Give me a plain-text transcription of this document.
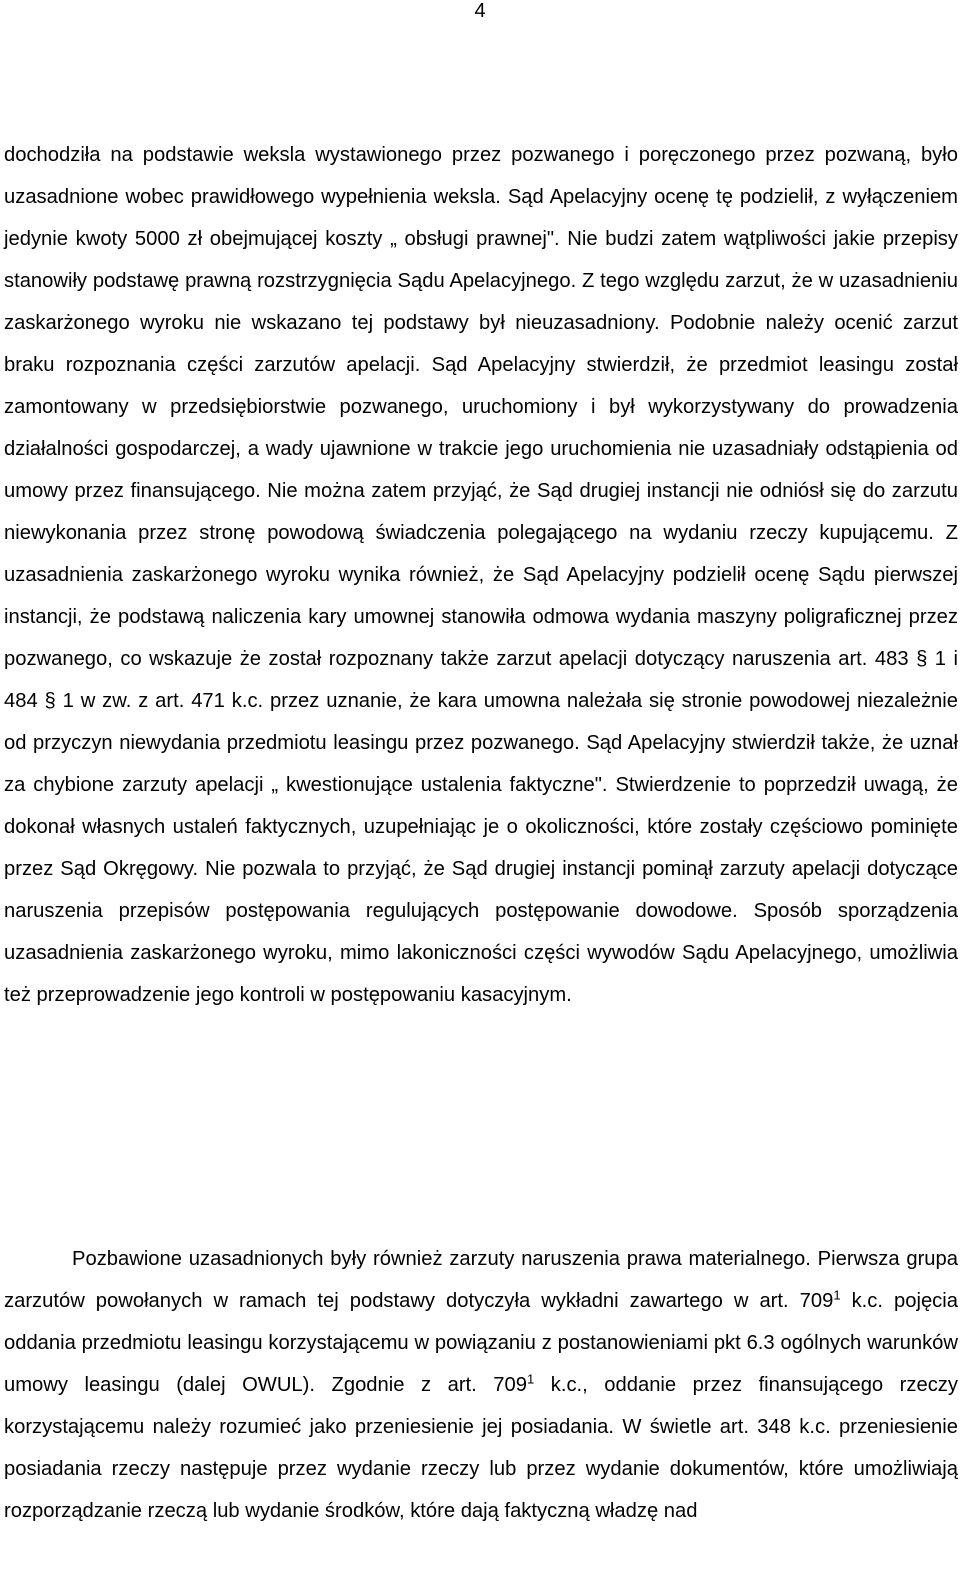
4

dochodziła na podstawie weksla wystawionego przez pozwanego i poręczonego przez pozwaną, było uzasadnione wobec prawidłowego wypełnienia weksla. Sąd Apelacyjny ocenę tę podzielił, z wyłączeniem jedynie kwoty 5000 zł obejmującej koszty „ obsługi prawnej". Nie budzi zatem wątpliwości jakie przepisy stanowiły podstawę prawną rozstrzygnięcia Sądu Apelacyjnego. Z tego względu zarzut, że w uzasadnieniu zaskarżonego wyroku nie wskazano tej podstawy był nieuzasadniony. Podobnie należy ocenić zarzut braku rozpoznania części zarzutów apelacji. Sąd Apelacyjny stwierdził, że przedmiot leasingu został zamontowany w przedsiębiorstwie pozwanego, uruchomiony i był wykorzystywany do prowadzenia działalności gospodarczej, a wady ujawnione w trakcie jego uruchomienia nie uzasadniały odstąpienia od umowy przez finansującego. Nie można zatem przyjąć, że Sąd drugiej instancji nie odniósł się do zarzutu niewykonania przez stronę powodową świadczenia polegającego na wydaniu rzeczy kupującemu. Z uzasadnienia zaskarżonego wyroku wynika również, że Sąd Apelacyjny podzielił ocenę Sądu pierwszej instancji, że podstawą naliczenia kary umownej stanowiła odmowa wydania maszyny poligraficznej przez pozwanego, co wskazuje że został rozpoznany także zarzut apelacji dotyczący naruszenia art. 483 § 1 i 484 § 1 w zw. z art. 471 k.c. przez uznanie, że kara umowna należała się stronie powodowej niezależnie od przyczyn niewydania przedmiotu leasingu przez pozwanego. Sąd Apelacyjny stwierdził także, że uznał za chybione zarzuty apelacji „ kwestionujące ustalenia faktyczne". Stwierdzenie to poprzedził uwagą, że dokonał własnych ustaleń faktycznych, uzupełniając je o okoliczności, które zostały częściowo pominięte przez Sąd Okręgowy. Nie pozwala to przyjąć, że Sąd drugiej instancji pominął zarzuty apelacji dotyczące naruszenia przepisów postępowania regulujących postępowanie dowodowe. Sposób sporządzenia uzasadnienia zaskarżonego wyroku, mimo lakoniczności części wywodów Sądu Apelacyjnego, umożliwia też przeprowadzenie jego kontroli w postępowaniu kasacyjnym.

Pozbawione uzasadnionych były również zarzuty naruszenia prawa materialnego. Pierwsza grupa zarzutów powołanych w ramach tej podstawy dotyczyła wykładni zawartego w art. $709^1$ k.c. pojęcia oddania przedmiotu leasingu korzystającemu w powiązaniu z postanowieniami pkt 6.3 ogólnych warunków umowy leasingu (dalej OWUL). Zgodnie z art. $709^1$ k.c., oddanie przez finansującego rzeczy korzystającemu należy rozumieć jako przeniesienie jej posiadania. W świetle art. 348 k.c. przeniesienie posiadania rzeczy następuje przez wydanie rzeczy lub przez wydanie dokumentów, które umożliwiają rozporządzanie rzeczą lub wydanie środków, które dają faktyczną władzę nad
